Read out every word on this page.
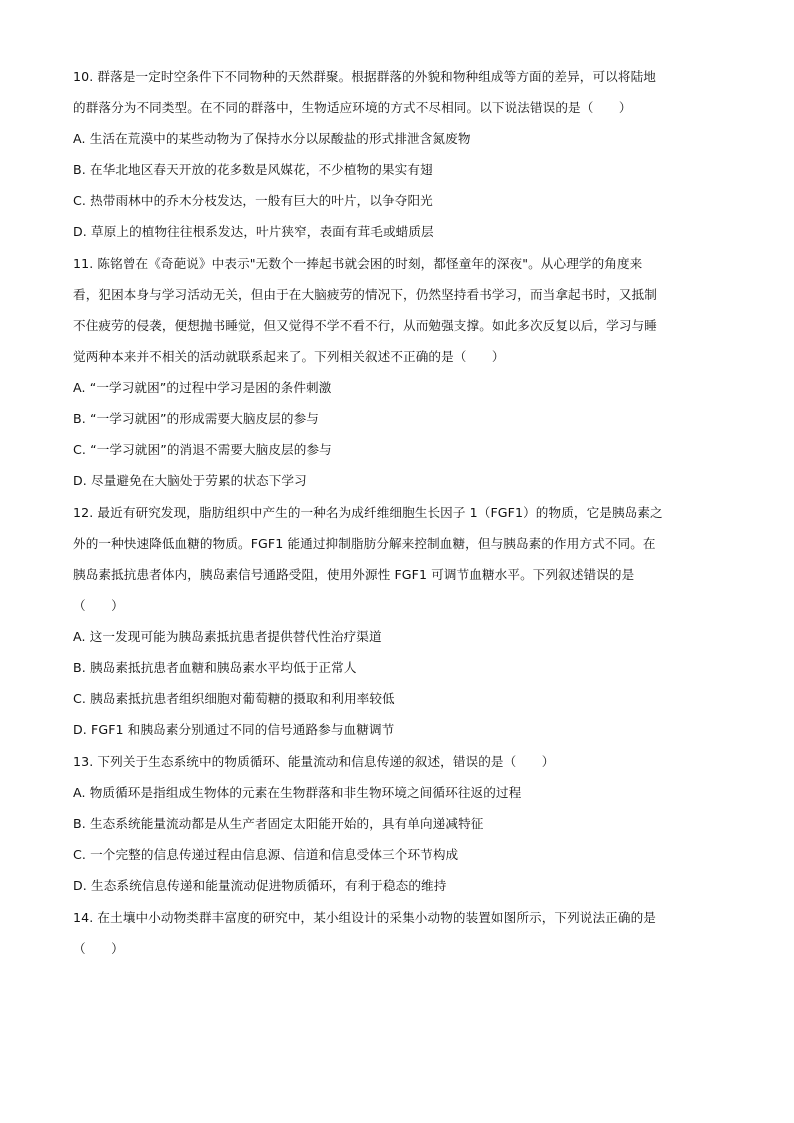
10. 群落是一定时空条件下不同物种的天然群聚。根据群落的外貌和物种组成等方面的差异，可以将陆地
的群落分为不同类型。在不同的群落中，生物适应环境的方式不尽相同。以下说法错误的是（　　）
A. 生活在荒漠中的某些动物为了保持水分以尿酸盐的形式排泄含氮废物
B. 在华北地区春天开放的花多数是风媒花，不少植物的果实有翅
C. 热带雨林中的乔木分枝发达，一般有巨大的叶片，以争夺阳光
D. 草原上的植物往往根系发达，叶片狭窄，表面有茸毛或蜡质层
11. 陈铭曾在《奇葩说》中表示"无数个一捧起书就会困的时刻，都怪童年的深夜"。从心理学的角度来
看，犯困本身与学习活动无关，但由于在大脑疲劳的情况下，仍然坚持看书学习，而当拿起书时，又抵制
不住疲劳的侵袭，便想抛书睡觉，但又觉得不学不看不行，从而勉强支撑。如此多次反复以后，学习与睡
觉两种本来并不相关的活动就联系起来了。下列相关叙述不正确的是（　　）
A. “一学习就困”的过程中学习是困的条件刺激
B. “一学习就困”的形成需要大脑皮层的参与
C. “一学习就困”的消退不需要大脑皮层的参与
D. 尽量避免在大脑处于劳累的状态下学习
12. 最近有研究发现，脂肪组织中产生的一种名为成纤维细胞生长因子 1（FGF1）的物质，它是胰岛素之
外的一种快速降低血糖的物质。FGF1 能通过抑制脂肪分解来控制血糖，但与胰岛素的作用方式不同。在
胰岛素抵抗患者体内，胰岛素信号通路受阻，使用外源性 FGF1 可调节血糖水平。下列叙述错误的是
（　　）
A. 这一发现可能为胰岛素抵抗患者提供替代性治疗渠道
B. 胰岛素抵抗患者血糖和胰岛素水平均低于正常人
C. 胰岛素抵抗患者组织细胞对葡萄糖的摄取和利用率较低
D. FGF1 和胰岛素分别通过不同的信号通路参与血糖调节
13. 下列关于生态系统中的物质循环、能量流动和信息传递的叙述，错误的是（　　）
A. 物质循环是指组成生物体的元素在生物群落和非生物环境之间循环往返的过程
B. 生态系统能量流动都是从生产者固定太阳能开始的，具有单向递减特征
C. 一个完整的信息传递过程由信息源、信道和信息受体三个环节构成
D. 生态系统信息传递和能量流动促进物质循环，有利于稳态的维持
14. 在土壤中小动物类群丰富度的研究中，某小组设计的采集小动物的装置如图所示，下列说法正确的是
（　　）
